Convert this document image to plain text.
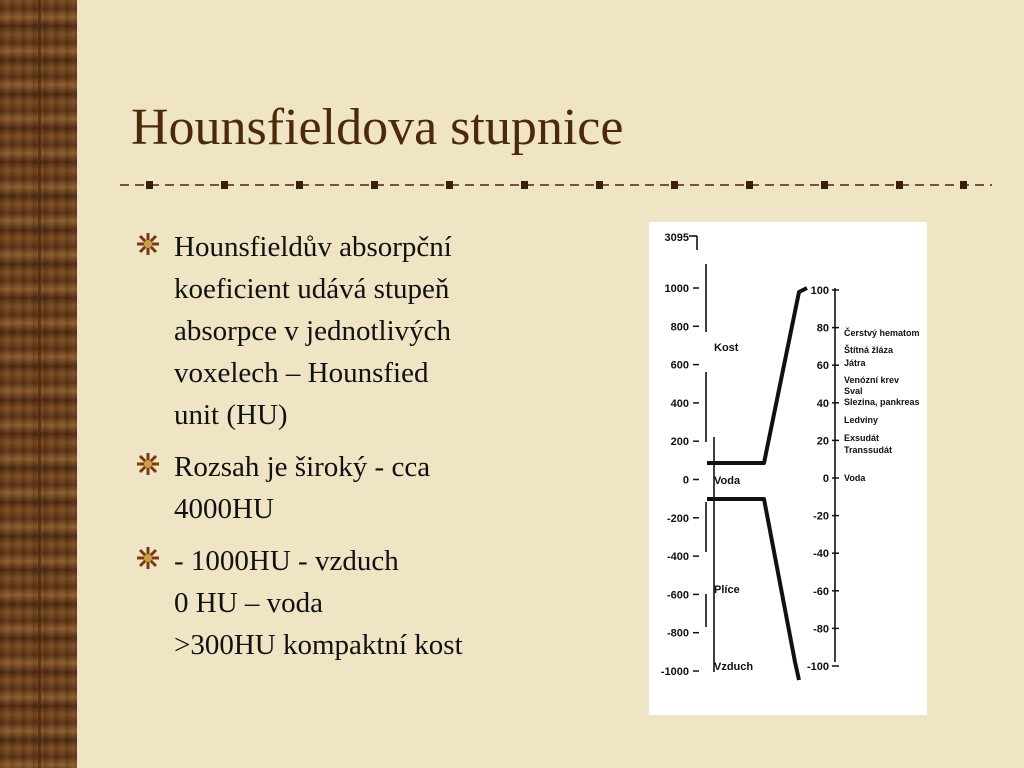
Hounsfieldova stupnice
Hounsfieldův absorpční
koeficient udává stupeň
absorpce v jednotlivých
voxelech – Hounsfied
unit (HU)
Rozsah je široký - cca
4000HU
- 1000HU - vzduch
0 HU – voda
>300HU kompaktní kost
1000
800
600
400
200
0
-200
-400
-600
-800
-1000
100
80
60
40
20
0
-20
-40
-60
-80
-100
Kost
Voda
Plíce
Vzduch
3095
Čerstvý hematom
Štítná žláza
Játra
Venózní krev
Sval
Slezina, pankreas
Ledviny
Exsudát
Transsudát
Voda
